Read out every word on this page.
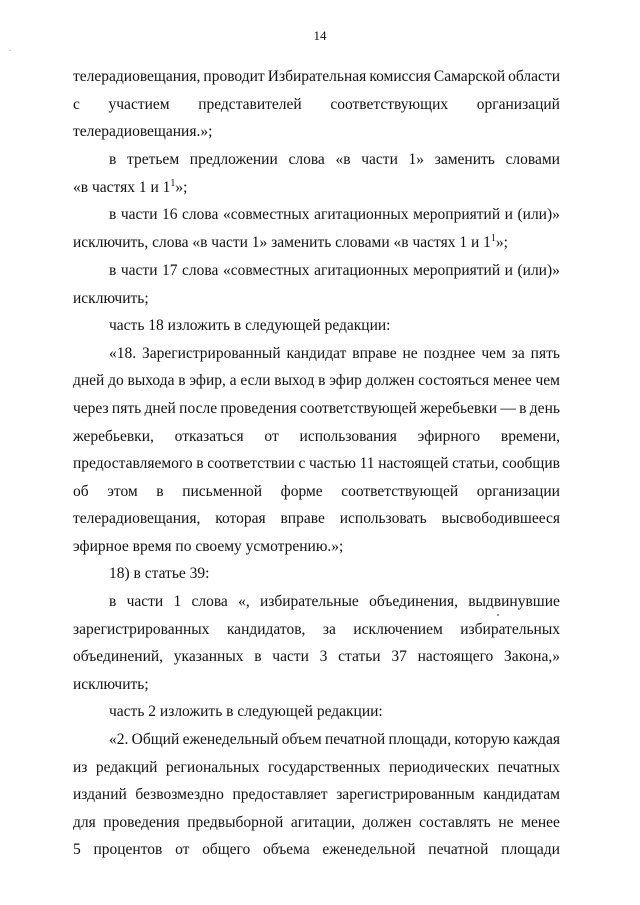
.
14
телерадиовещания, проводит Избирательная комиссия Самарской области
с участием представителей соответствующих организаций
телерадиовещания.»;
в третьем предложении слова «в части 1» заменить словами
«в частях 1 и $1^1$»;
в части 16 слова «совместных агитационных мероприятий и (или)»
исключить, слова «в части 1» заменить словами «в частях 1 и $1^1$»;
в части 17 слова «совместных агитационных мероприятий и (или)»
исключить;
часть 18 изложить в следующей редакции:
«18. Зарегистрированный кандидат вправе не позднее чем за пять
дней до выхода в эфир, а если выход в эфир должен состояться менее чем
через пять дней после проведения соответствующей жеребьевки — в день
жеребьевки, отказаться от использования эфирного времени,
предоставляемого в соответствии с частью 11 настоящей статьи, сообщив
об этом в письменной форме соответствующей организации
телерадиовещания, которая вправе использовать высвободившееся
эфирное время по своему усмотрению.»;
18) в статье 39:
в части 1 слова «, избирательные объединения, выдвинувшие
зарегистрированных кандидатов, за исключением избирательных
объединений, указанных в части 3 статьи 37 настоящего Закона,»
исключить;
часть 2 изложить в следующей редакции:
«2. Общий еженедельный объем печатной площади, которую каждая
из редакций региональных государственных периодических печатных
изданий безвозмездно предоставляет зарегистрированным кандидатам
для проведения предвыборной агитации, должен составлять не менее
5 процентов от общего объема еженедельной печатной площади
